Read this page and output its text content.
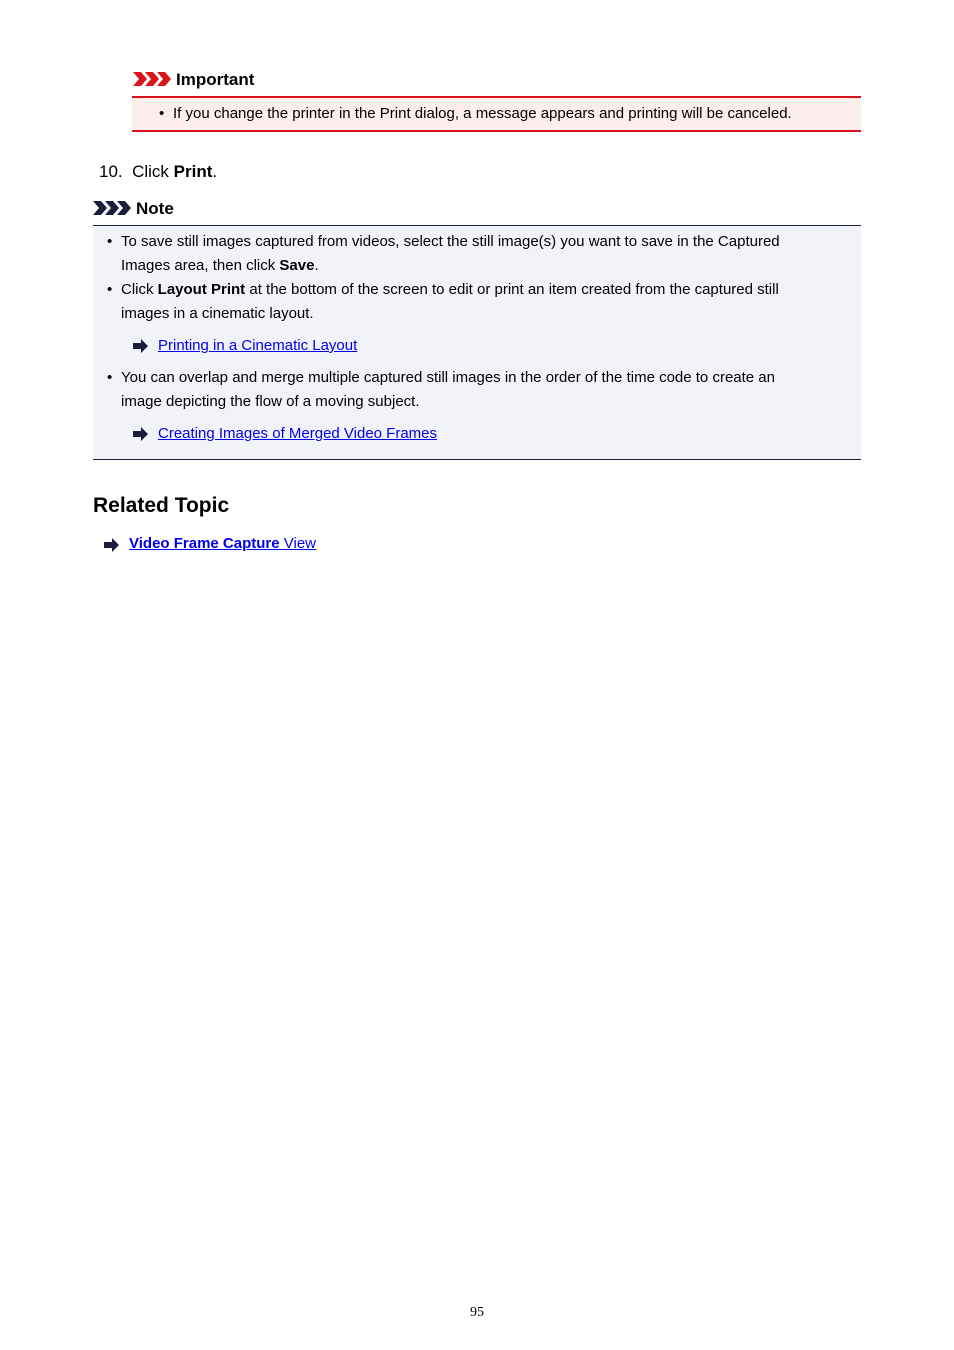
Important
• If you change the printer in the Print dialog, a message appears and printing will be canceled.
10. Click Print.
Note
• To save still images captured from videos, select the still image(s) you want to save in the Captured
Images area, then click Save.
• Click Layout Print at the bottom of the screen to edit or print an item created from the captured still
images in a cinematic layout.
Printing in a Cinematic Layout
• You can overlap and merge multiple captured still images in the order of the time code to create an
image depicting the flow of a moving subject.
Creating Images of Merged Video Frames
Related Topic
Video Frame Capture View
95
